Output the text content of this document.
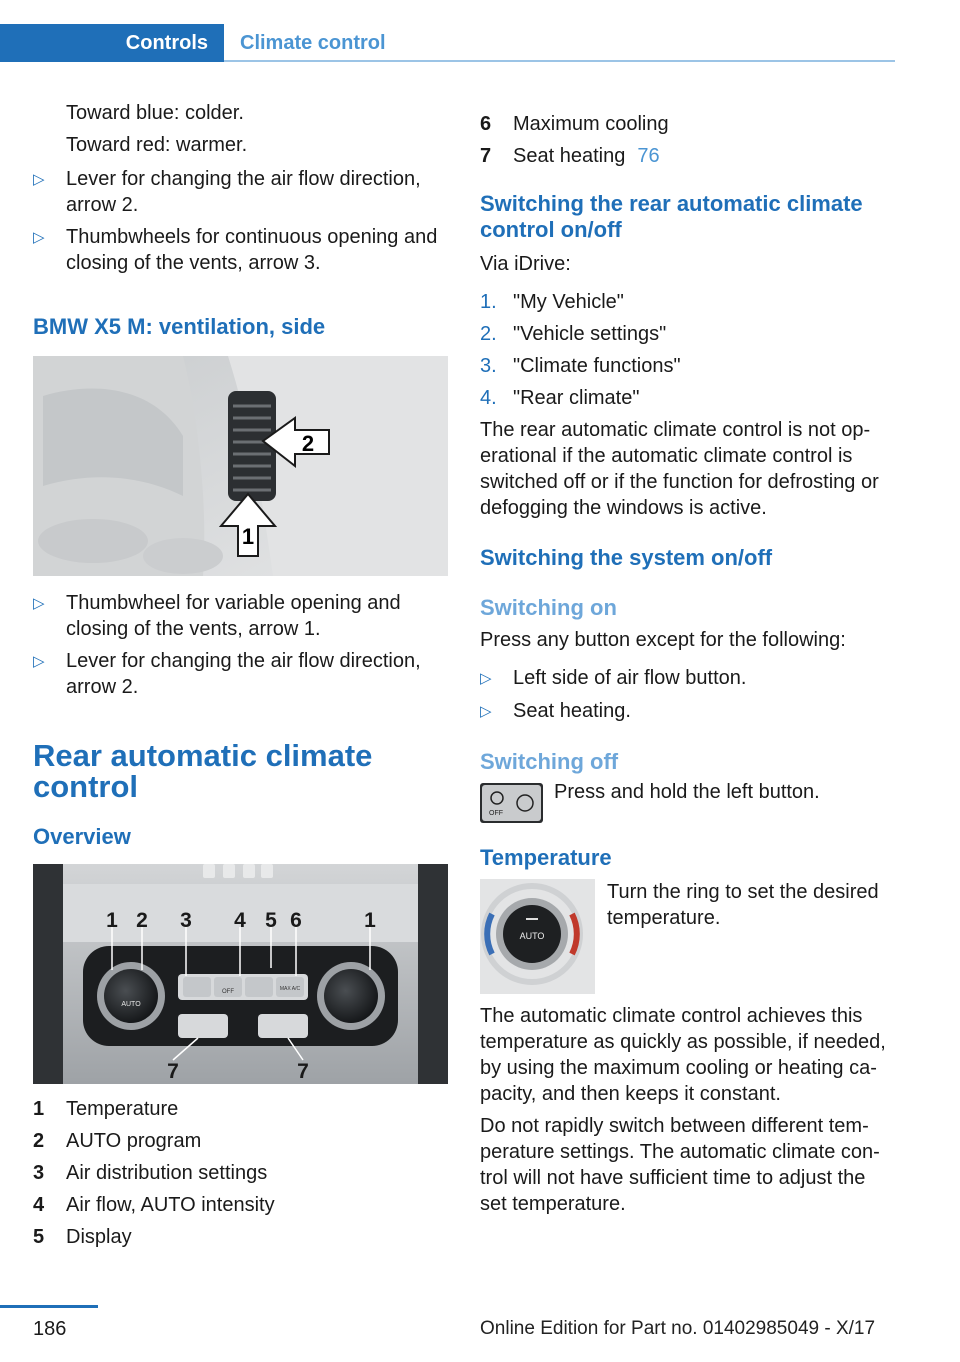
Controls	Climate control

Toward blue: colder.

Toward red: warmer.

▷	Lever for changing the air flow direction, arrow 2.
▷	Thumbwheels for continuous opening and closing of the vents, arrow 3.
BMW X5 M: ventilation, side
2
1
▷	Thumbwheel for variable opening and closing of the vents, arrow 1.
▷	Lever for changing the air flow direction, arrow 2.
Rear automatic climate control
Overview
AUTO
OFF	MAX A/C
1 2 3 4 5 6	1
7	7
1	Temperature
2	AUTO program
3	Air distribution settings
4	Air flow, AUTO intensity
5	Display
6	Maximum cooling
7	Seat heating 76
Switching the rear automatic climate control on/off

Via iDrive:

1. "My Vehicle"
2. "Vehicle settings"
3. "Climate functions"
4. "Rear climate"

The rear automatic climate control is not operational if the automatic climate control is switched off or if the function for defrosting or defogging the windows is active.

Switching the system on/off
Switching on

Press any button except for the following:

▷	Left side of air flow button.
▷	Seat heating.
Switching off
OFF

Press and hold the left button.

Temperature
AUTO

Turn the ring to set the desired temperature.

The automatic climate control achieves this temperature as quickly as possible, if needed, by using the maximum cooling or heating capacity, and then keeps it constant.

Do not rapidly switch between different temperature settings. The automatic climate control will not have sufficient time to adjust the set temperature.

186	Online Edition for Part no. 01402985049 - X/17
